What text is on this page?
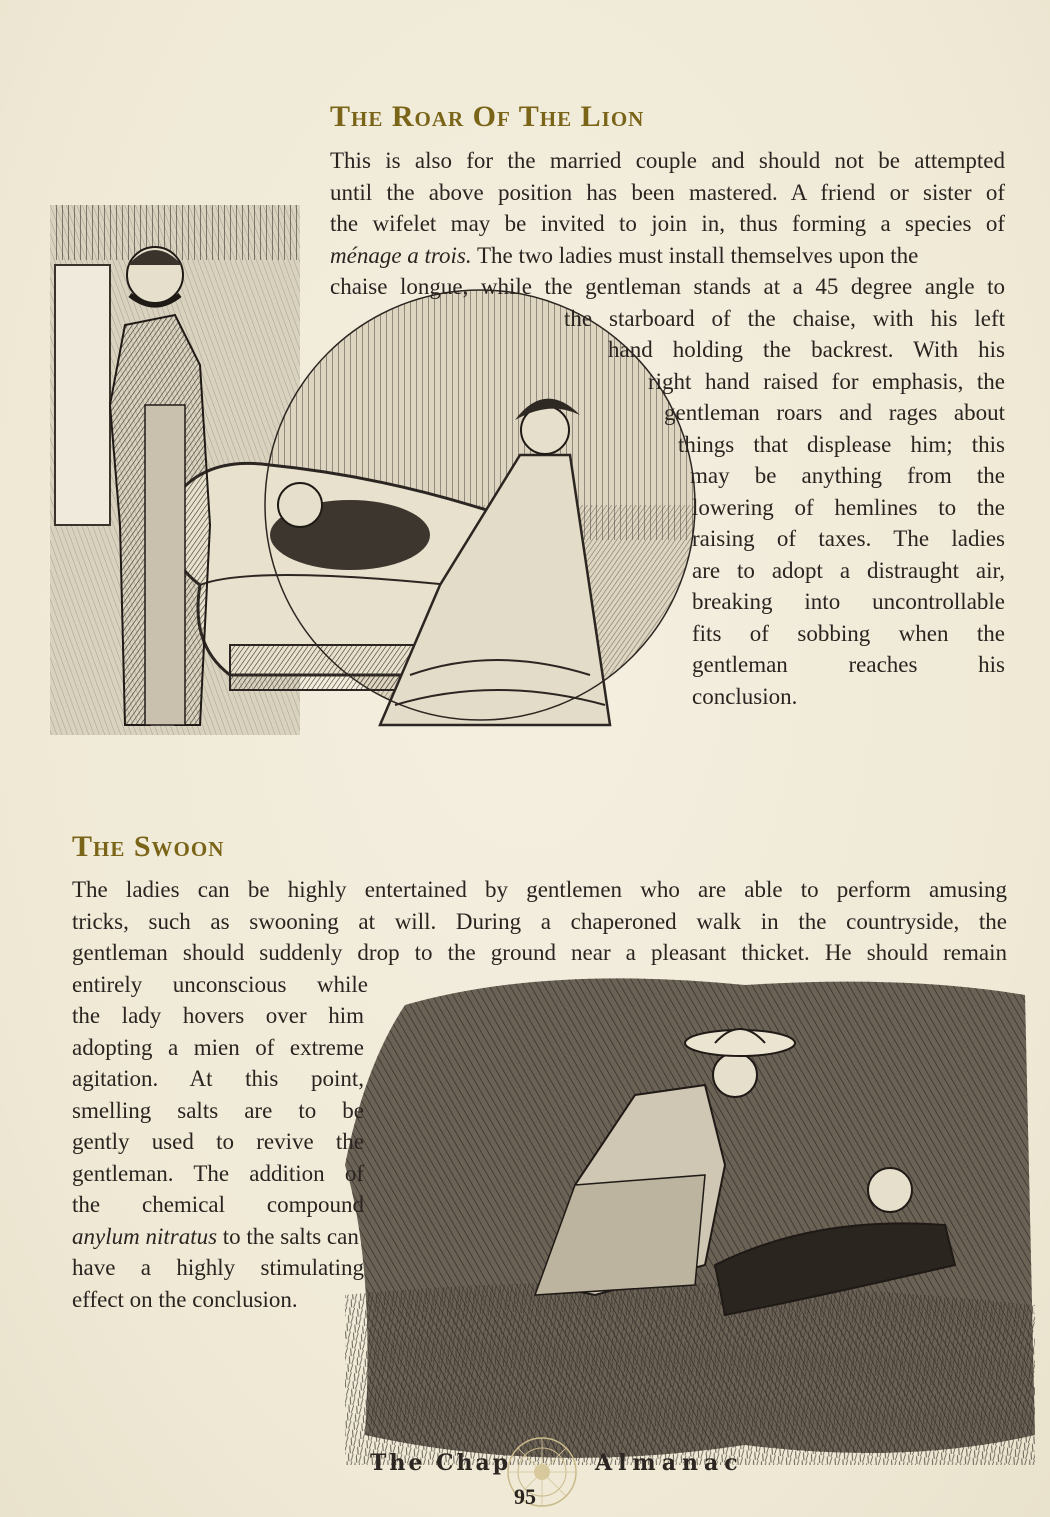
The Roar Of The Lion
This is also for the married couple and should not be attempted
until the above position has been mastered. A friend or sister of
the wifelet may be invited to join in, thus forming a species of
ménage a trois. The two ladies must install themselves upon the
chaise longue, while the gentleman stands at a 45 degree angle to
the starboard of the chaise, with his left
hand holding the backrest. With his
right hand raised for emphasis, the
gentleman roars and rages about
things that displease him; this
may be anything from the
lowering of hemlines to the
raising of taxes. The ladies
are to adopt a distraught air,
breaking into uncontrollable
fits of sobbing when the
gentleman reaches his
conclusion.
The Swoon
The ladies can be highly entertained by gentlemen who are able to perform amusing
tricks, such as swooning at will. During a chaperoned walk in the countryside, the
gentleman should suddenly drop to the ground near a pleasant thicket. He should remain
entirely unconscious while
the lady hovers over him
adopting a mien of extreme
agitation. At this point,
smelling salts are to be
gently used to revive the
gentleman. The addition of
the chemical compound
anylum nitratus to the salts can
have a highly stimulating
effect on the conclusion.
The Chap	Almanac
95
